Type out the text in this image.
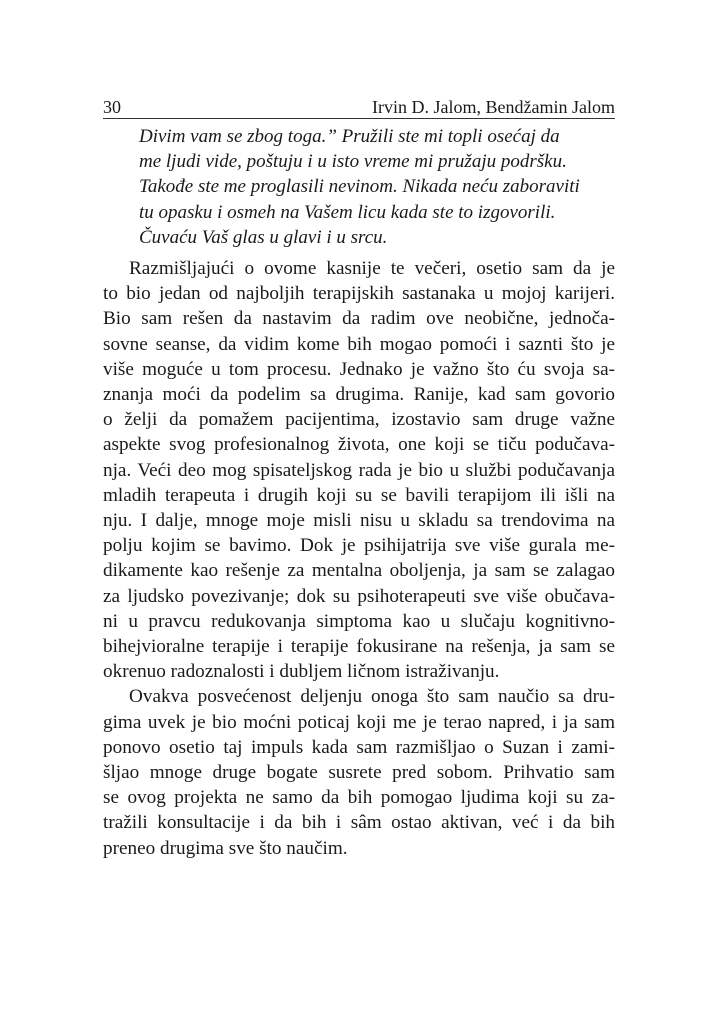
30	Irvin D. Jalom, Bendžamin Jalom
Divim vam se zbog toga.” Pružili ste mi topli osećaj da
me ljudi vide, poštuju i u isto vreme mi pružaju podršku.
Takođe ste me proglasili nevinom. Nikada neću zaboraviti
tu opasku i osmeh na Vašem licu kada ste to izgovorili.
Čuvaću Vaš glas u glavi i u srcu.
Razmišljajući o ovome kasnije te večeri, osetio sam da je
to bio jedan od najboljih terapijskih sastanaka u mojoj karijeri.
Bio sam rešen da nastavim da radim ove neobične, jednoča-
sovne seanse, da vidim kome bih mogao pomoći i saznti što je
više moguće u tom procesu. Jednako je važno što ću svoja sa-
znanja moći da podelim sa drugima. Ranije, kad sam govorio
o želji da pomažem pacijentima, izostavio sam druge važne
aspekte svog profesionalnog života, one koji se tiču podučava-
nja. Veći deo mog spisateljskog rada je bio u službi podučavanja
mladih terapeuta i drugih koji su se bavili terapijom ili išli na
nju. I dalje, mnoge moje misli nisu u skladu sa trendovima na
polju kojim se bavimo. Dok je psihijatrija sve više gurala me-
dikamente kao rešenje za mentalna oboljenja, ja sam se zalagao
za ljudsko povezivanje; dok su psihoterapeuti sve više obučava-
ni u pravcu redukovanja simptoma kao u slučaju kognitivno-
bihejvioralne terapije i terapije fokusirane na rešenja, ja sam se
okrenuo radoznalosti i dubljem ličnom istraživanju.
Ovakva posvećenost deljenju onoga što sam naučio sa dru-
gima uvek je bio moćni poticaj koji me je terao napred, i ja sam
ponovo osetio taj impuls kada sam razmišljao o Suzan i zami-
šljao mnoge druge bogate susrete pred sobom. Prihvatio sam
se ovog projekta ne samo da bih pomogao ljudima koji su za-
tražili konsultacije i da bih i sâm ostao aktivan, već i da bih
preneo drugima sve što naučim.
